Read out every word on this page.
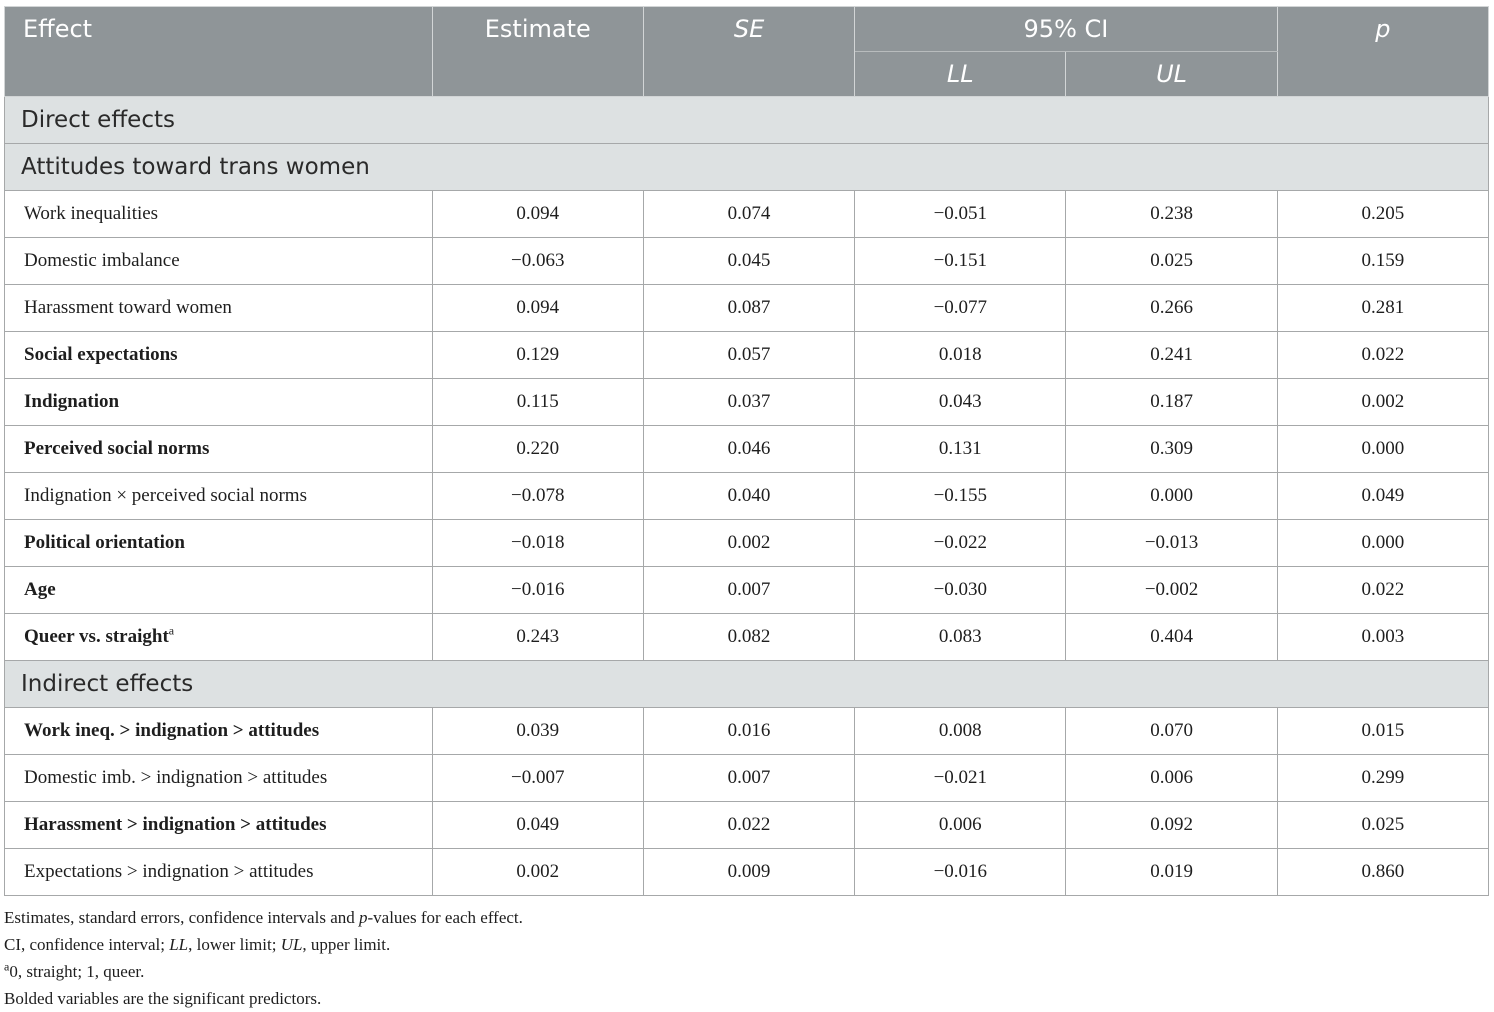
Effect	Estimate	SE	95% CI		p
			LL	UL	
Direct effects					
Attitudes toward trans women					
Work inequalities	0.094	0.074	−0.051	0.238	0.205
Domestic imbalance	−0.063	0.045	−0.151	0.025	0.159
Harassment toward women	0.094	0.087	−0.077	0.266	0.281
Social expectations	0.129	0.057	0.018	0.241	0.022
Indignation	0.115	0.037	0.043	0.187	0.002
Perceived social norms	0.220	0.046	0.131	0.309	0.000
Indignation × perceived social norms	−0.078	0.040	−0.155	0.000	0.049
Political orientation	−0.018	0.002	−0.022	−0.013	0.000
Age	−0.016	0.007	−0.030	−0.002	0.022
Queer vs. straight$^a$	0.243	0.082	0.083	0.404	0.003
Indirect effects					
Work ineq. > indignation > attitudes	0.039	0.016	0.008	0.070	0.015
Domestic imb. > indignation > attitudes	−0.007	0.007	−0.021	0.006	0.299
Harassment > indignation > attitudes	0.049	0.022	0.006	0.092	0.025
Expectations > indignation > attitudes	0.002	0.009	−0.016	0.019	0.860
Estimates, standard errors, confidence intervals and p-values for each effect.
CI, confidence interval; LL, lower limit; UL, upper limit.
$^a$0, straight; 1, queer.
Bolded variables are the significant predictors.
